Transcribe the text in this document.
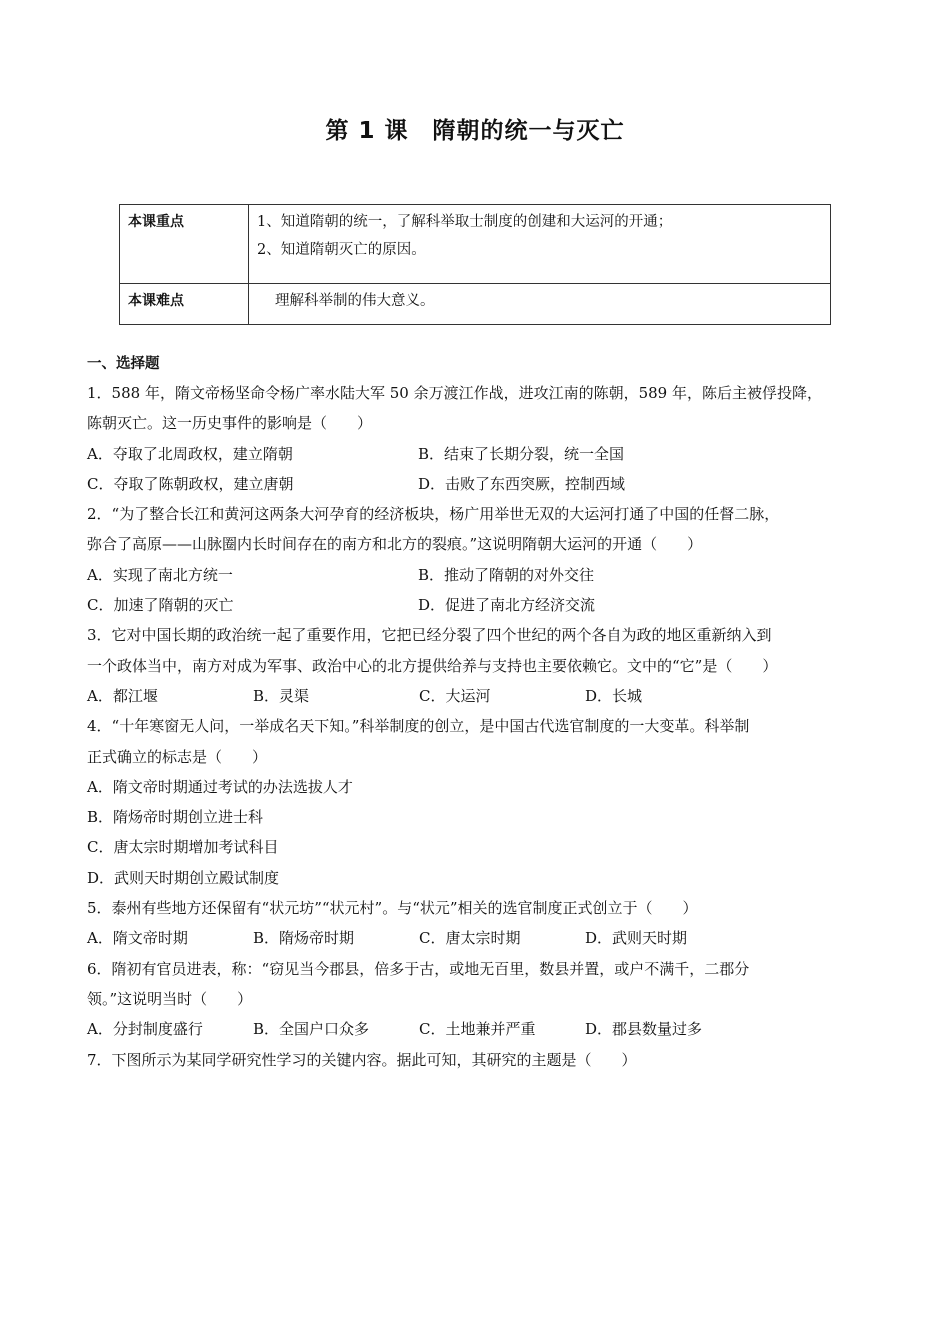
第 1 课　隋朝的统一与灭亡
本课重点	1、知道隋朝的统一，了解科举取士制度的创建和大运河的开通；
2、知道隋朝灭亡的原因。

本课难点	理解科举制的伟大意义。
一、选择题
1．588 年，隋文帝杨坚命令杨广率水陆大军 50 余万渡江作战，进攻江南的陈朝，589 年，陈后主被俘投降，
陈朝灭亡。这一历史事件的影响是（　　）
A．夺取了北周政权，建立隋朝	B．结束了长期分裂，统一全国
C．夺取了陈朝政权，建立唐朝	D．击败了东西突厥，控制西域
2．“为了整合长江和黄河这两条大河孕育的经济板块，杨广用举世无双的大运河打通了中国的任督二脉，
弥合了高原——山脉圈内长时间存在的南方和北方的裂痕。”这说明隋朝大运河的开通（　　）
A．实现了南北方统一	B．推动了隋朝的对外交往
C．加速了隋朝的灭亡	D．促进了南北方经济交流
3．它对中国长期的政治统一起了重要作用，它把已经分裂了四个世纪的两个各自为政的地区重新纳入到
一个政体当中，南方对成为军事、政治中心的北方提供给养与支持也主要依赖它。文中的“它”是（　　）
A．都江堰	B．灵渠	C．大运河	D．长城
4．“十年寒窗无人问，一举成名天下知。”科举制度的创立，是中国古代选官制度的一大变革。科举制
正式确立的标志是（　　）
A．隋文帝时期通过考试的办法选拔人才
B．隋炀帝时期创立进士科
C．唐太宗时期增加考试科目
D．武则天时期创立殿试制度
5．泰州有些地方还保留有“状元坊”“状元村”。与“状元”相关的选官制度正式创立于（　　）
A．隋文帝时期	B．隋炀帝时期	C．唐太宗时期	D．武则天时期
6．隋初有官员进表，称：“窃见当今郡县，倍多于古，或地无百里，数县并置，或户不满千，二郡分
领。”这说明当时（　　）
A．分封制度盛行	B．全国户口众多	C．土地兼并严重	D．郡县数量过多
7．下图所示为某同学研究性学习的关键内容。据此可知，其研究的主题是（　　）
